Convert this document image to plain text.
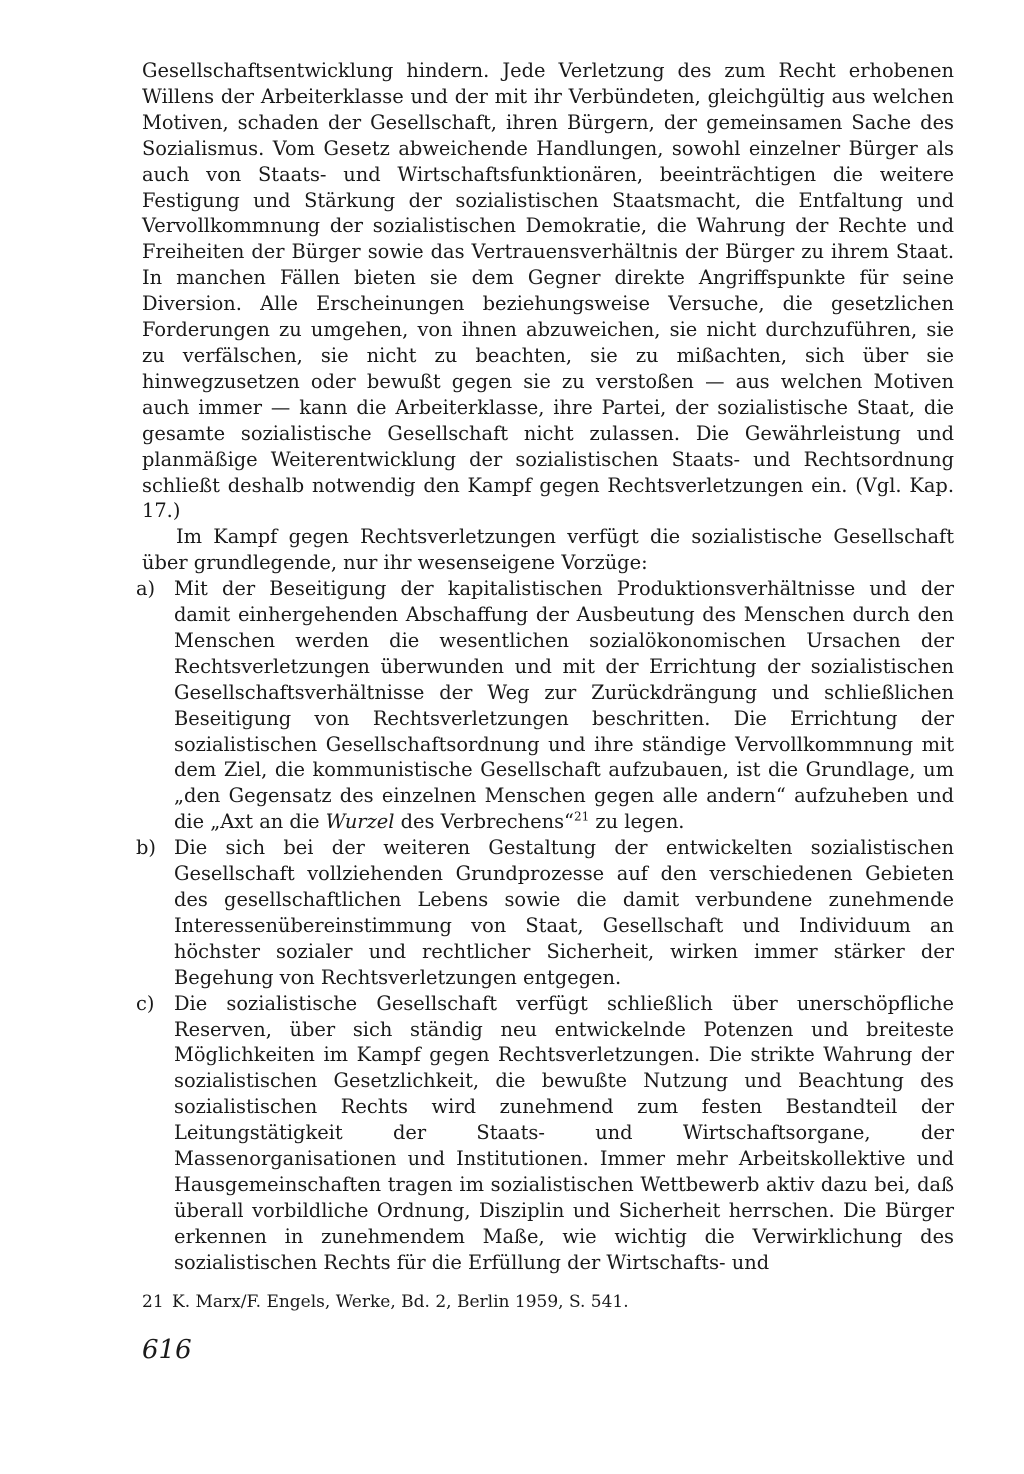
Gesellschaftsentwicklung hindern. Jede Verletzung des zum Recht erhobenen Willens der Arbeiterklasse und der mit ihr Verbündeten, gleichgültig aus welchen Motiven, schaden der Gesellschaft, ihren Bürgern, der gemeinsamen Sache des Sozialismus. Vom Gesetz abweichende Handlungen, sowohl einzelner Bürger als auch von Staats- und Wirtschaftsfunktionären, beeinträchtigen die weitere Festigung und Stärkung der sozialistischen Staatsmacht, die Entfaltung und Vervollkommnung der sozialistischen Demokratie, die Wahrung der Rechte und Freiheiten der Bürger sowie das Vertrauensverhältnis der Bürger zu ihrem Staat. In manchen Fällen bieten sie dem Gegner direkte Angriffspunkte für seine Diversion. Alle Erscheinungen beziehungsweise Versuche, die gesetzlichen Forderungen zu umgehen, von ihnen abzuweichen, sie nicht durchzuführen, sie zu verfälschen, sie nicht zu beachten, sie zu mißachten, sich über sie hinwegzusetzen oder bewußt gegen sie zu verstoßen — aus welchen Motiven auch immer — kann die Arbeiterklasse, ihre Partei, der sozialistische Staat, die gesamte sozialistische Gesellschaft nicht zulassen. Die Gewährleistung und planmäßige Weiterentwicklung der sozialistischen Staats- und Rechtsordnung schließt deshalb notwendig den Kampf gegen Rechtsverletzungen ein. (Vgl. Kap. 17.)

Im Kampf gegen Rechtsverletzungen verfügt die sozialistische Gesellschaft über grundlegende, nur ihr wesenseigene Vorzüge:

a) Mit der Beseitigung der kapitalistischen Produktionsverhältnisse und der damit einhergehenden Abschaffung der Ausbeutung des Menschen durch den Menschen werden die wesentlichen sozialökonomischen Ursachen der Rechtsverletzungen überwunden und mit der Errichtung der sozialistischen Gesellschaftsverhältnisse der Weg zur Zurückdrängung und schließlichen Beseitigung von Rechtsverletzungen beschritten. Die Errichtung der sozialistischen Gesellschaftsordnung und ihre ständige Vervollkommnung mit dem Ziel, die kommunistische Gesellschaft aufzubauen, ist die Grundlage, um „den Gegensatz des einzelnen Menschen gegen alle andern“ aufzuheben und die „Axt an die Wurzel des Verbrechens“$^{21}$ zu legen.
b) Die sich bei der weiteren Gestaltung der entwickelten sozialistischen Gesellschaft vollziehenden Grundprozesse auf den verschiedenen Gebieten des gesellschaftlichen Lebens sowie die damit verbundene zunehmende Interessenübereinstimmung von Staat, Gesellschaft und Individuum an höchster sozialer und rechtlicher Sicherheit, wirken immer stärker der Begehung von Rechtsverletzungen entgegen.
c) Die sozialistische Gesellschaft verfügt schließlich über unerschöpfliche Reserven, über sich ständig neu entwickelnde Potenzen und breiteste Möglichkeiten im Kampf gegen Rechtsverletzungen. Die strikte Wahrung der sozialistischen Gesetzlichkeit, die bewußte Nutzung und Beachtung des sozialistischen Rechts wird zunehmend zum festen Bestandteil der Leitungstätigkeit der Staats- und Wirtschaftsorgane, der Massenorganisationen und Institutionen. Immer mehr Arbeitskollektive und Hausgemeinschaften tragen im sozialistischen Wettbewerb aktiv dazu bei, daß überall vorbildliche Ordnung, Disziplin und Sicherheit herrschen. Die Bürger erkennen in zunehmendem Maße, wie wichtig die Verwirklichung des sozialistischen Rechts für die Erfüllung der Wirtschafts- und
21 K. Marx/F. Engels, Werke, Bd. 2, Berlin 1959, S. 541.
616
